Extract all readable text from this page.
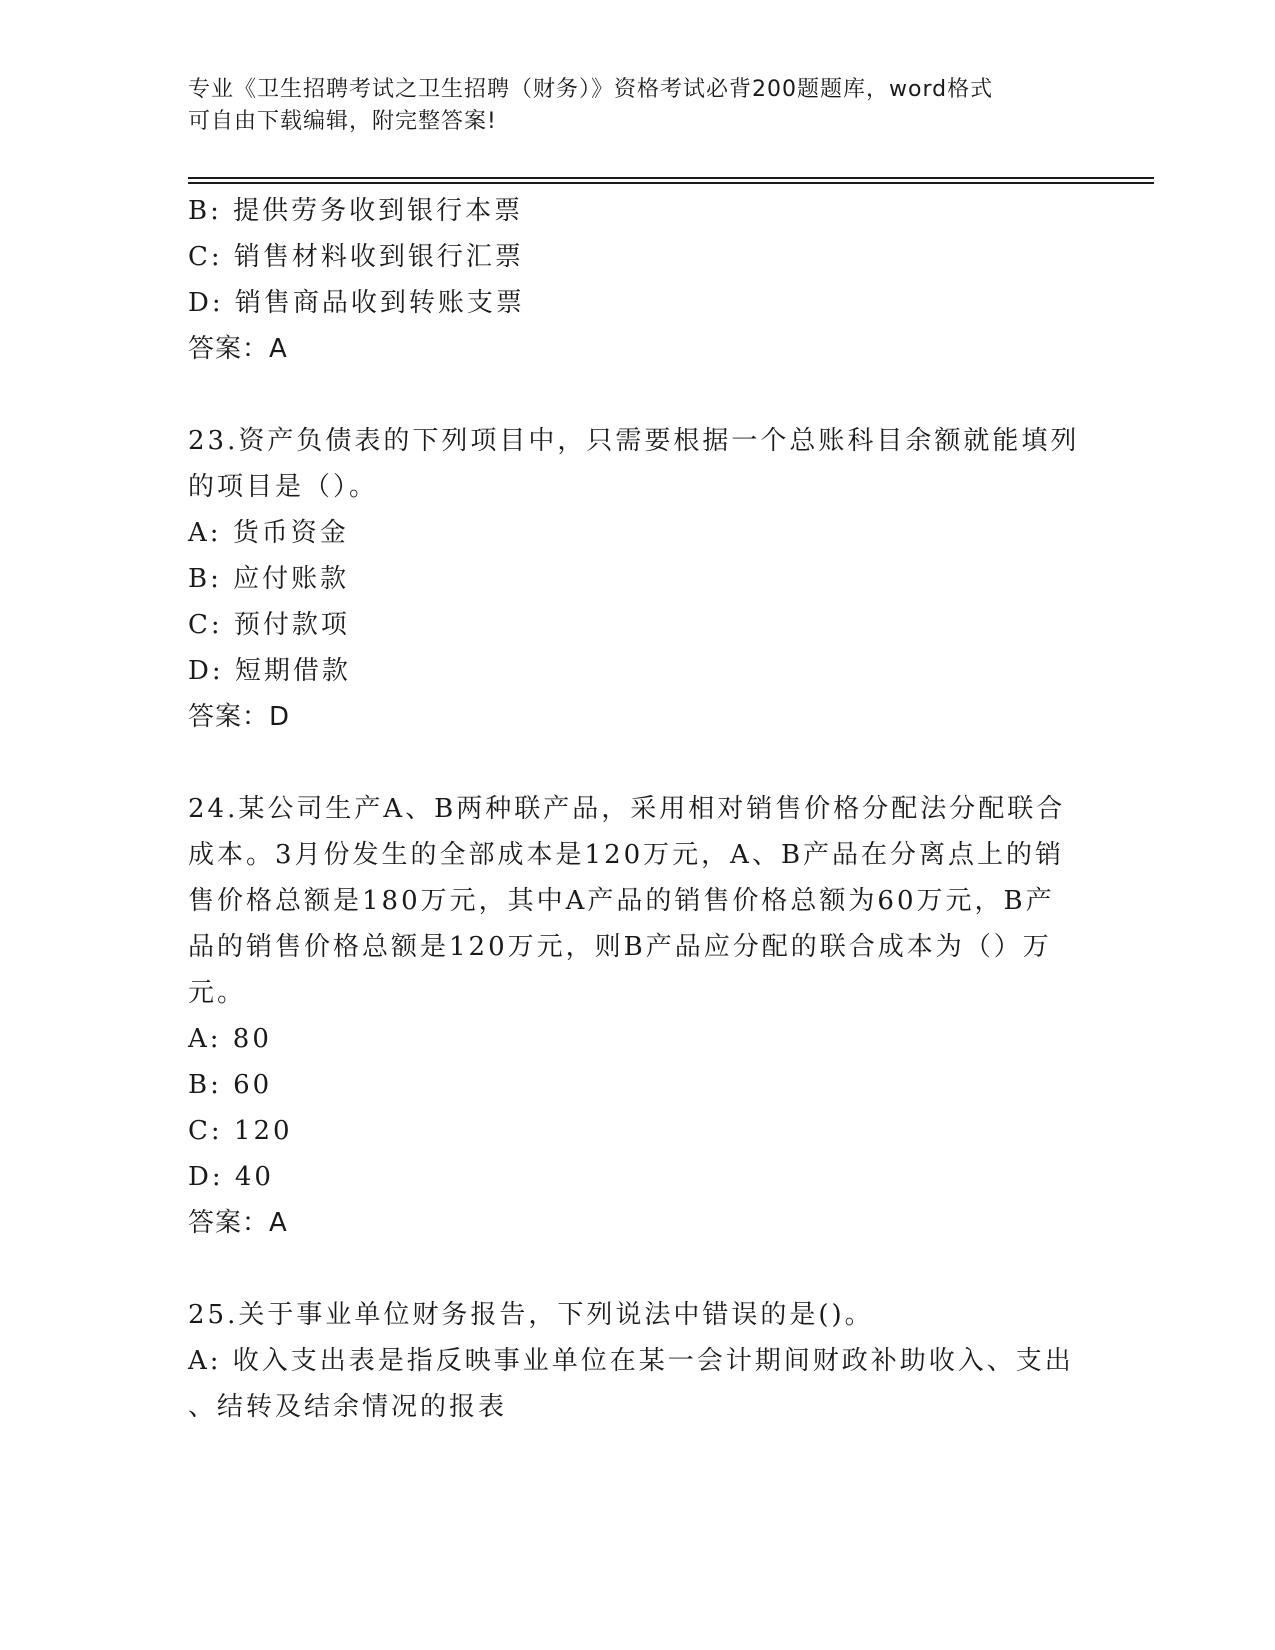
专业《卫生招聘考试之卫生招聘（财务）》资格考试必背200题题库，word格式
可自由下载编辑，附完整答案!
B: 提供劳务收到银行本票
C: 销售材料收到银行汇票
D: 销售商品收到转账支票
答案：A
23.资产负债表的下列项目中，只需要根据一个总账科目余额就能填列
的项目是（）。
A: 货币资金
B: 应付账款
C: 预付款项
D: 短期借款
答案：D
24.某公司生产A、B两种联产品，采用相对销售价格分配法分配联合
成本。3月份发生的全部成本是120万元，A、B产品在分离点上的销
售价格总额是180万元，其中A产品的销售价格总额为60万元，B产
品的销售价格总额是120万元，则B产品应分配的联合成本为（）万
元。
A: 80
B: 60
C: 120
D: 40
答案：A
25.关于事业单位财务报告，下列说法中错误的是()。
A: 收入支出表是指反映事业单位在某一会计期间财政补助收入、支出
、结转及结余情况的报表
